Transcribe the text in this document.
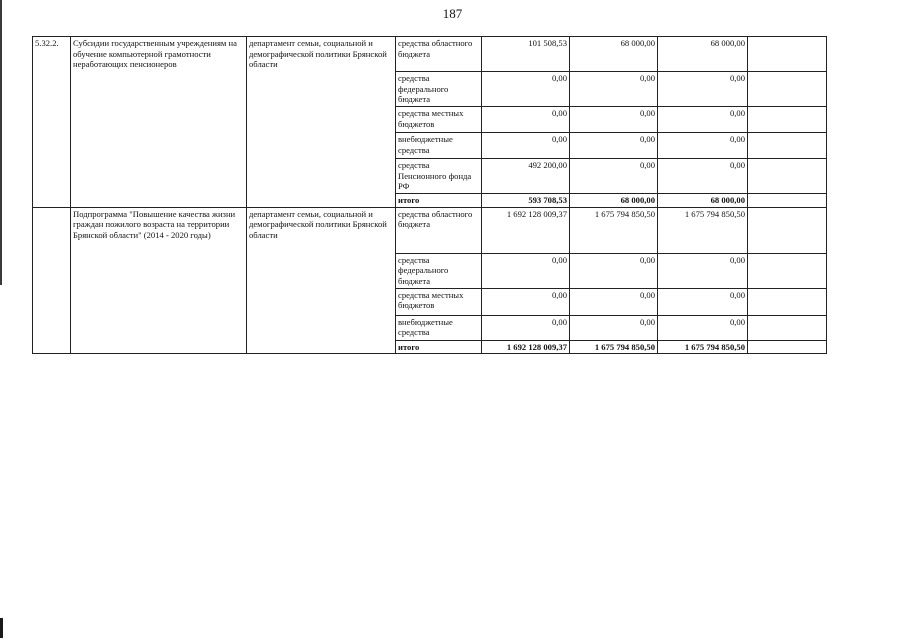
187
5.32.2.	Субсидии государственным учреждениям на обучение компьютерной грамотности неработающих пенсионеров	департамент семьи, социальной и демографической политики Брянской области	средства областного бюджета	101 508,53	68 000,00	68 000,00	
			средства федерального бюджета	0,00	0,00	0,00	
			средства местных бюджетов	0,00	0,00	0,00	
			внебюджетные средства	0,00	0,00	0,00	
			средства Пенсионного фонда РФ	492 200,00	0,00	0,00	
			итого	593 708,53	68 000,00	68 000,00	
	Подпрограмма "Повышение качества жизни граждан пожилого возраста на территории Брянской области" (2014 - 2020 годы)	департамент семьи, социальной и демографической политики Брянской области	средства областного бюджета	1 692 128 009,37	1 675 794 850,50	1 675 794 850,50	
			средства федерального бюджета	0,00	0,00	0,00	
			средства местных бюджетов	0,00	0,00	0,00	
			внебюджетные средства	0,00	0,00	0,00	
			итого	1 692 128 009,37	1 675 794 850,50	1 675 794 850,50	
